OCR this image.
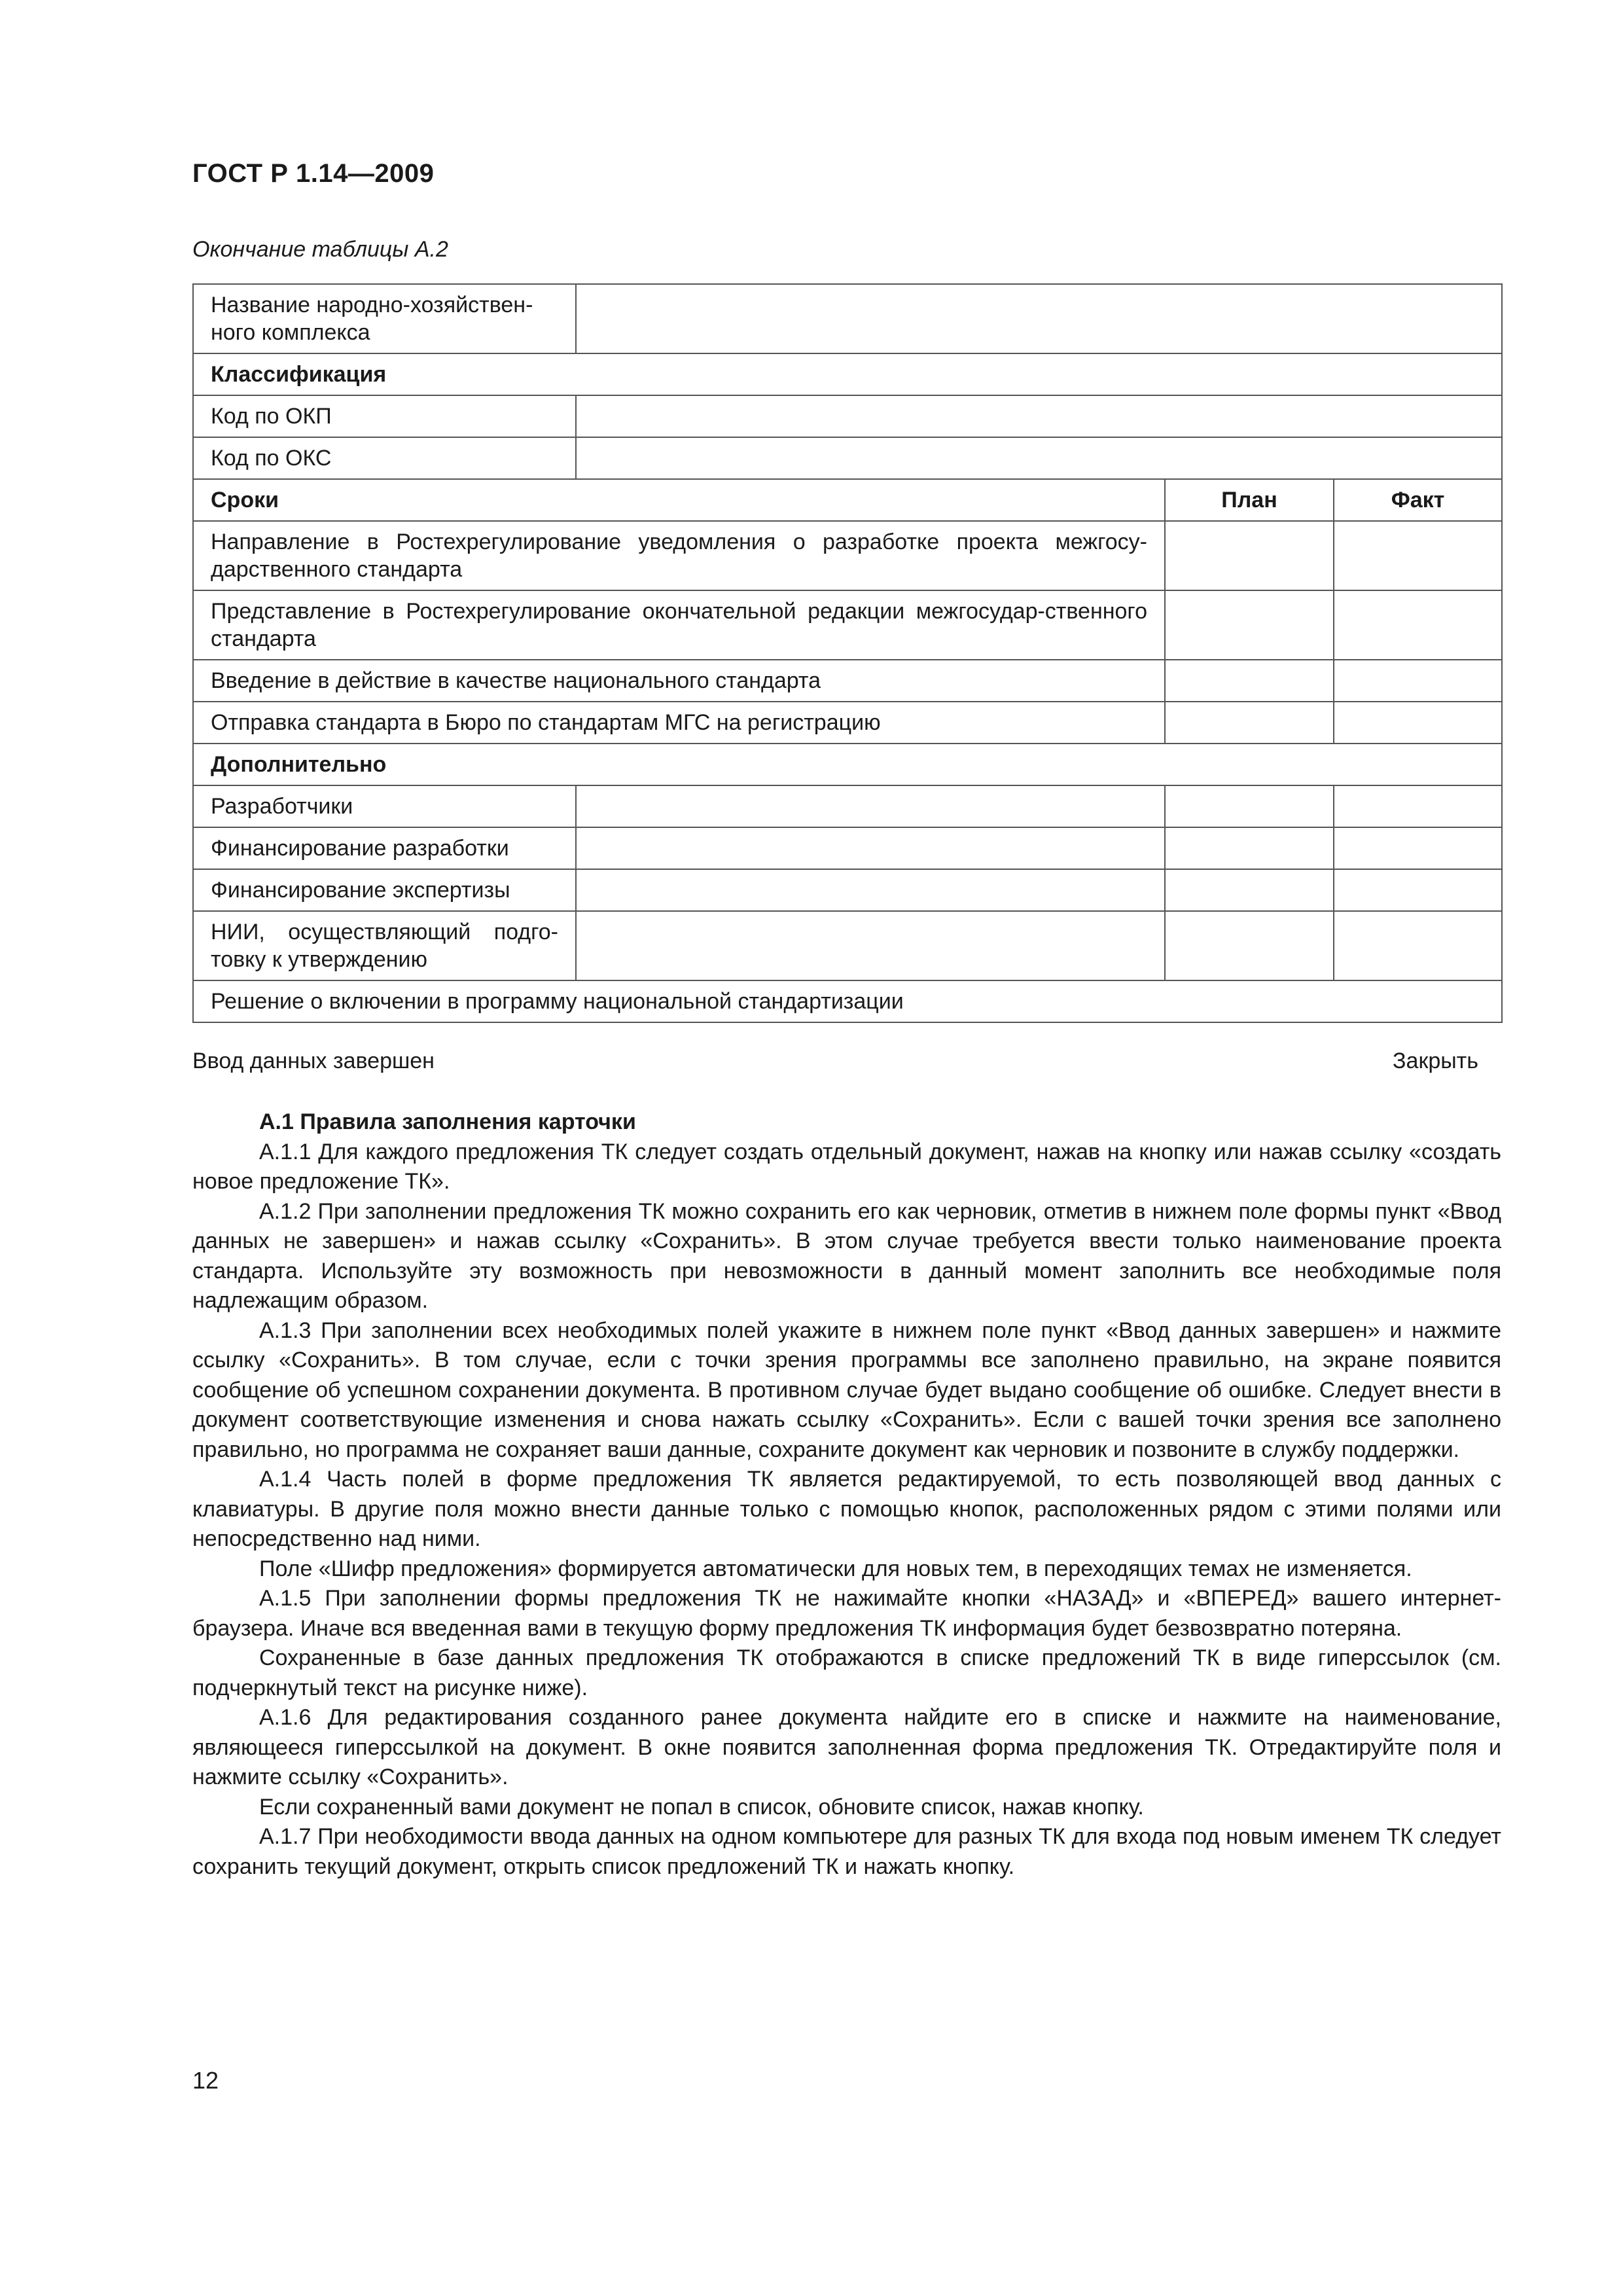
ГОСТ Р 1.14—2009
Окончание таблицы А.2
Название народно-хозяйствен-ного комплекса			
Классификация			
Код по ОКП			
Код по ОКС			
Сроки		План	Факт
Направление в Ростехрегулирование уведомления о разработке проекта межгосу-дарственного стандарта			
Представление в Ростехрегулирование окончательной редакции межгосудар-ственного стандарта			
Введение в действие в качестве национального стандарта			
Отправка стандарта в Бюро по стандартам МГС на регистрацию			
Дополнительно			
Разработчики			
Финансирование разработки			
Финансирование экспертизы			
НИИ, осуществляющий подго-товку к утверждению			
Решение о включении в программу национальной стандартизации			
Ввод данных завершен	Закрыть
А.1 Правила заполнения карточки

А.1.1 Для каждого предложения ТК следует создать отдельный документ, нажав на кнопку или нажав ссылку «создать новое предложение ТК».

А.1.2 При заполнении предложения ТК можно сохранить его как черновик, отметив в нижнем поле формы пункт «Ввод данных не завершен» и нажав ссылку «Сохранить». В этом случае требуется ввести только наименование проекта стандарта. Используйте эту возможность при невозможности в данный момент заполнить все необходимые поля надлежащим образом.

А.1.3 При заполнении всех необходимых полей укажите в нижнем поле пункт «Ввод данных завершен» и нажмите ссылку «Сохранить». В том случае, если с точки зрения программы все заполнено правильно, на экране появится сообщение об успешном сохранении документа. В противном случае будет выдано сообщение об ошибке. Следует внести в документ соответствующие изменения и снова нажать ссылку «Сохранить». Если с вашей точки зрения все заполнено правильно, но программа не сохраняет ваши данные, сохраните документ как черновик и позвоните в службу поддержки.

А.1.4 Часть полей в форме предложения ТК является редактируемой, то есть позволяющей ввод данных с клавиатуры. В другие поля можно внести данные только с помощью кнопок, расположенных рядом с этими полями или непосредственно над ними.

Поле «Шифр предложения» формируется автоматически для новых тем, в переходящих темах не изменяется.

А.1.5 При заполнении формы предложения ТК не нажимайте кнопки «НАЗАД» и «ВПЕРЕД» вашего интернет-браузера. Иначе вся введенная вами в текущую форму предложения ТК информация будет безвозвратно потеряна.

Сохраненные в базе данных предложения ТК отображаются в списке предложений ТК в виде гиперссылок (см. подчеркнутый текст на рисунке ниже).

А.1.6 Для редактирования созданного ранее документа найдите его в списке и нажмите на наименование, являющееся гиперссылкой на документ. В окне появится заполненная форма предложения ТК. Отредактируйте поля и нажмите ссылку «Сохранить».

Если сохраненный вами документ не попал в список, обновите список, нажав кнопку.

А.1.7 При необходимости ввода данных на одном компьютере для разных ТК для входа под новым именем ТК следует сохранить текущий документ, открыть список предложений ТК и нажать кнопку.

12
